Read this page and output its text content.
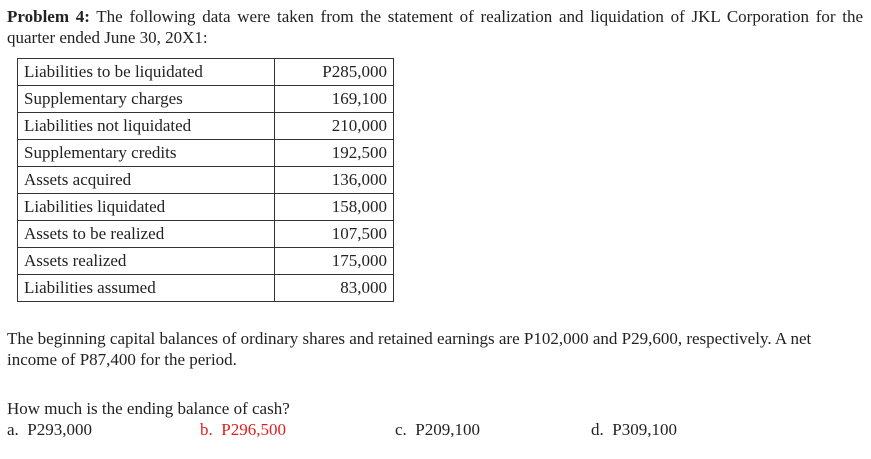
Problem 4: The following data were taken from the statement of realization and liquidation of JKL Corporation for the quarter ended June 30, 20X1:
Liabilities to be liquidated	P285,000
Supplementary charges	169,100
Liabilities not liquidated	210,000
Supplementary credits	192,500
Assets acquired	136,000
Liabilities liquidated	158,000
Assets to be realized	107,500
Assets realized	175,000
Liabilities assumed	83,000
The beginning capital balances of ordinary shares and retained earnings are P102,000 and P29,600, respectively. A net income of P87,400 for the period.
How much is the ending balance of cash?
a. P293,000	b. P296,500	c. P209,100	d. P309,100
